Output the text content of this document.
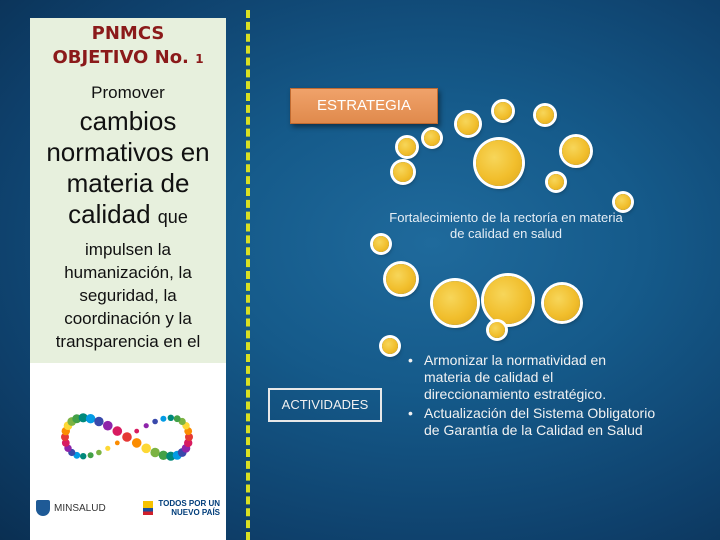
PNMCS
OBJETIVO No. 1
Promover
cambios normativos en materia de calidad que
impulsen la humanización, la seguridad, la coordinación y la transparencia en el
MINSALUD	TODOS POR UN
NUEVO PAÍS
ESTRATEGIA
Fortalecimiento de la rectoría en materia de calidad en salud
ACTIVIDADES
• Armonizar la normatividad en materia de calidad el direccionamiento estratégico.
• Actualización del Sistema Obligatorio de Garantía de la Calidad en Salud
